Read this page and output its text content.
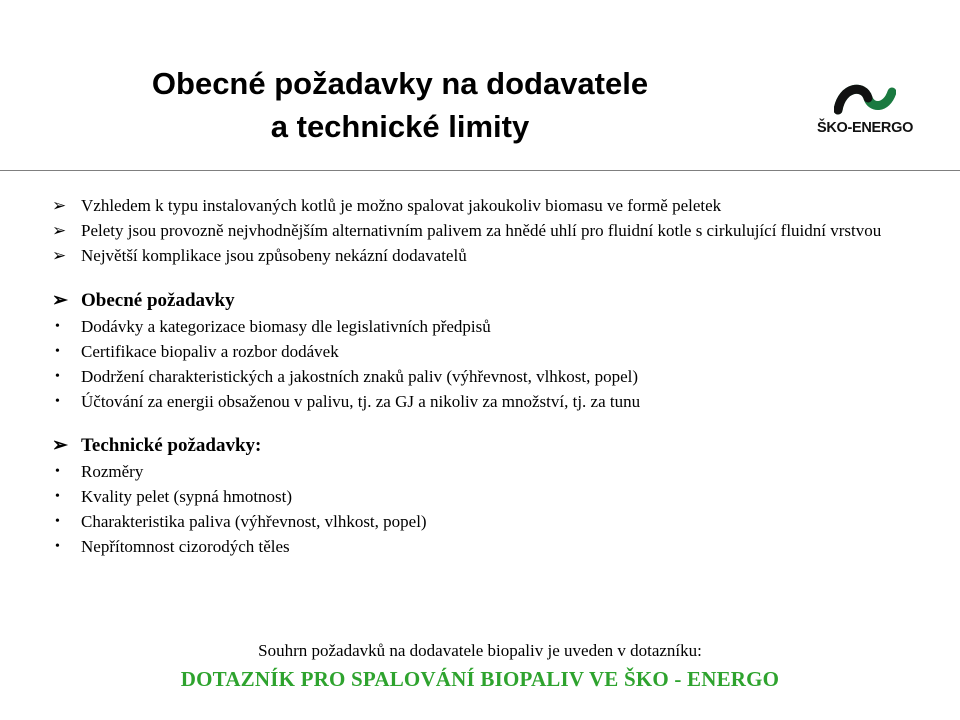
Obecné požadavky na dodavatele
a technické limity	ŠKO-ENERGO
➢ Vzhledem k typu instalovaných kotlů je možno spalovat jakoukoliv biomasu ve formě peletek
➢ Pelety jsou provozně nejvhodnějším alternativním palivem za hnědé uhlí pro fluidní kotle s cirkulující fluidní vrstvou
➢ Největší komplikace jsou způsobeny nekázní dodavatelů
➢ Obecné požadavky
•	Dodávky a kategorizace biomasy dle legislativních předpisů
•	Certifikace biopaliv a rozbor dodávek
•	Dodržení charakteristických a jakostních znaků paliv (výhřevnost, vlhkost, popel)
•	Účtování za energii obsaženou v palivu, tj. za GJ a nikoliv za množství, tj. za tunu
➢ Technické požadavky:
•	Rozměry
•	Kvality pelet (sypná hmotnost)
•	Charakteristika paliva (výhřevnost, vlhkost, popel)
•	Nepřítomnost cizorodých těles
Souhrn požadavků na dodavatele biopaliv je uveden v dotazníku:
DOTAZNÍK PRO SPALOVÁNÍ BIOPALIV VE ŠKO - ENERGO
